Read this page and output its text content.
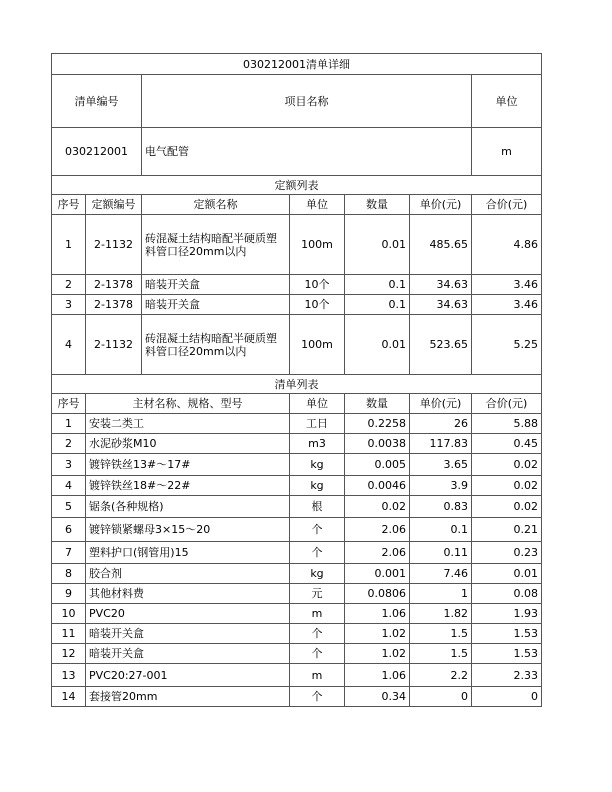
030212001清单详细							
清单编号		项目名称				单位	
030212001		电气配管				m	
定额列表							
序号	定额编号	定额名称	单位	数量	单价(元)	合价(元)	
1	2-1132	砖混凝土结构暗配半硬质塑料管口径20mm以内	100m	0.01	485.65	4.86	
2	2-1378	暗装开关盒	10个	0.1	34.63	3.46	
3	2-1378	暗装开关盒	10个	0.1	34.63	3.46	
4	2-1132	砖混凝土结构暗配半硬质塑料管口径20mm以内	100m	0.01	523.65	5.25	
清单列表							
序号	主材名称、规格、型号		单位	数量	单价(元)	合价(元)	
1	安装二类工		工日	0.2258	26	5.88	
2	水泥砂浆M10		m3	0.0038	117.83	0.45	
3	镀锌铁丝13#～17#		kg	0.005	3.65	0.02	
4	镀锌铁丝18#～22#		kg	0.0046	3.9	0.02	
5	锯条(各种规格)		根	0.02	0.83	0.02	
6	镀锌锁紧螺母3×15～20		个	2.06	0.1	0.21	
7	塑料护口(钢管用)15		个	2.06	0.11	0.23	
8	胶合剂		kg	0.001	7.46	0.01	
9	其他材料费		元	0.0806	1	0.08	
10	PVC20		m	1.06	1.82	1.93	
11	暗装开关盒		个	1.02	1.5	1.53	
12	暗装开关盒		个	1.02	1.5	1.53	
13	PVC20:27-001		m	1.06	2.2	2.33	
14	套接管20mm		个	0.34	0	0	
